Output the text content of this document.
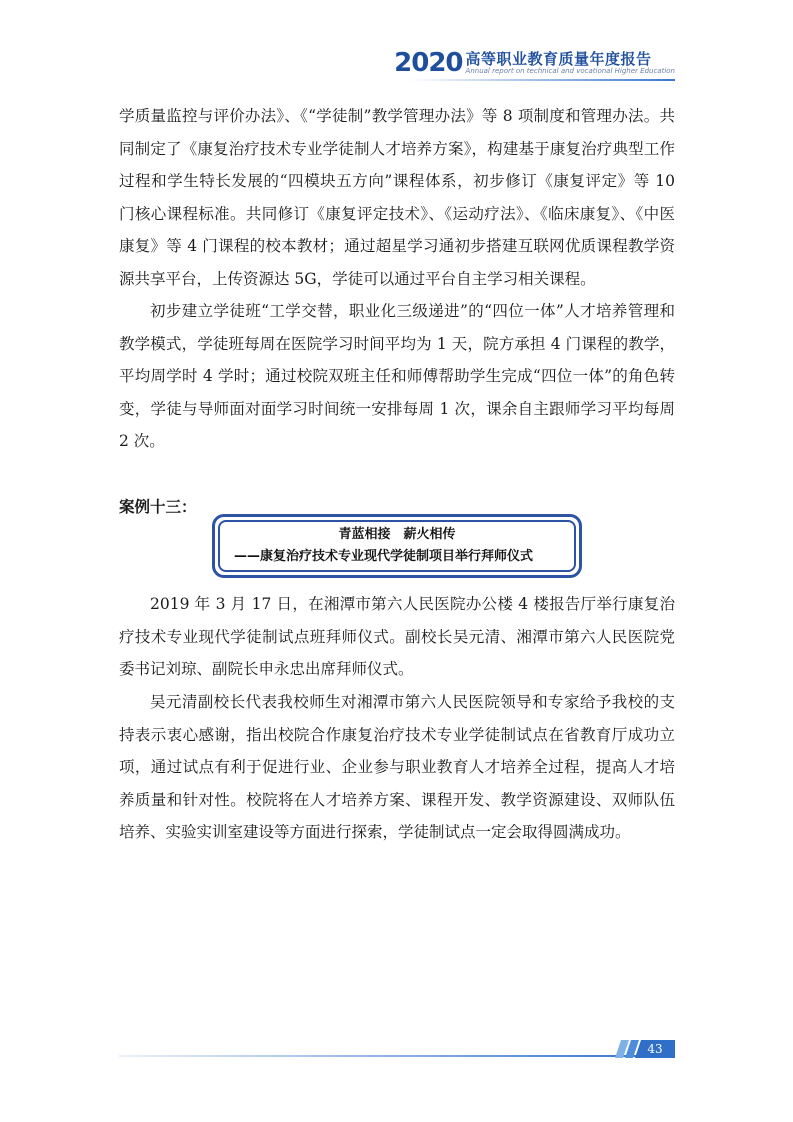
2020 高等职业教育质量年度报告
Annual report on technical and vocational Higher Education

学质量监控与评价办法》、《“学徒制”教学管理办法》等 8 项制度和管理办法。共同制定了《康复治疗技术专业学徒制人才培养方案》，构建基于康复治疗典型工作过程和学生特长发展的“四模块五方向”课程体系，初步修订《康复评定》等 10 门核心课程标准。共同修订《康复评定技术》、《运动疗法》、《临床康复》、《中医康复》等 4 门课程的校本教材；通过超星学习通初步搭建互联网优质课程教学资源共享平台，上传资源达 5G，学徒可以通过平台自主学习相关课程。

初步建立学徒班“工学交替，职业化三级递进”的“四位一体”人才培养管理和教学模式，学徒班每周在医院学习时间平均为 1 天，院方承担 4 门课程的教学，平均周学时 4 学时；通过校院双班主任和师傅帮助学生完成“四位一体”的角色转变，学徒与导师面对面学习时间统一安排每周 1 次，课余自主跟师学习平均每周 2 次。

案例十三：
青蓝相接　薪火相传
——康复治疗技术专业现代学徒制项目举行拜师仪式

2019 年 3 月 17 日，在湘潭市第六人民医院办公楼 4 楼报告厅举行康复治疗技术专业现代学徒制试点班拜师仪式。副校长吴元清、湘潭市第六人民医院党委书记刘琼、副院长申永忠出席拜师仪式。

吴元清副校长代表我校师生对湘潭市第六人民医院领导和专家给予我校的支持表示衷心感谢，指出校院合作康复治疗技术专业学徒制试点在省教育厅成功立项，通过试点有利于促进行业、企业参与职业教育人才培养全过程，提高人才培养质量和针对性。校院将在人才培养方案、课程开发、教学资源建设、双师队伍培养、实验实训室建设等方面进行探索，学徒制试点一定会取得圆满成功。

43
